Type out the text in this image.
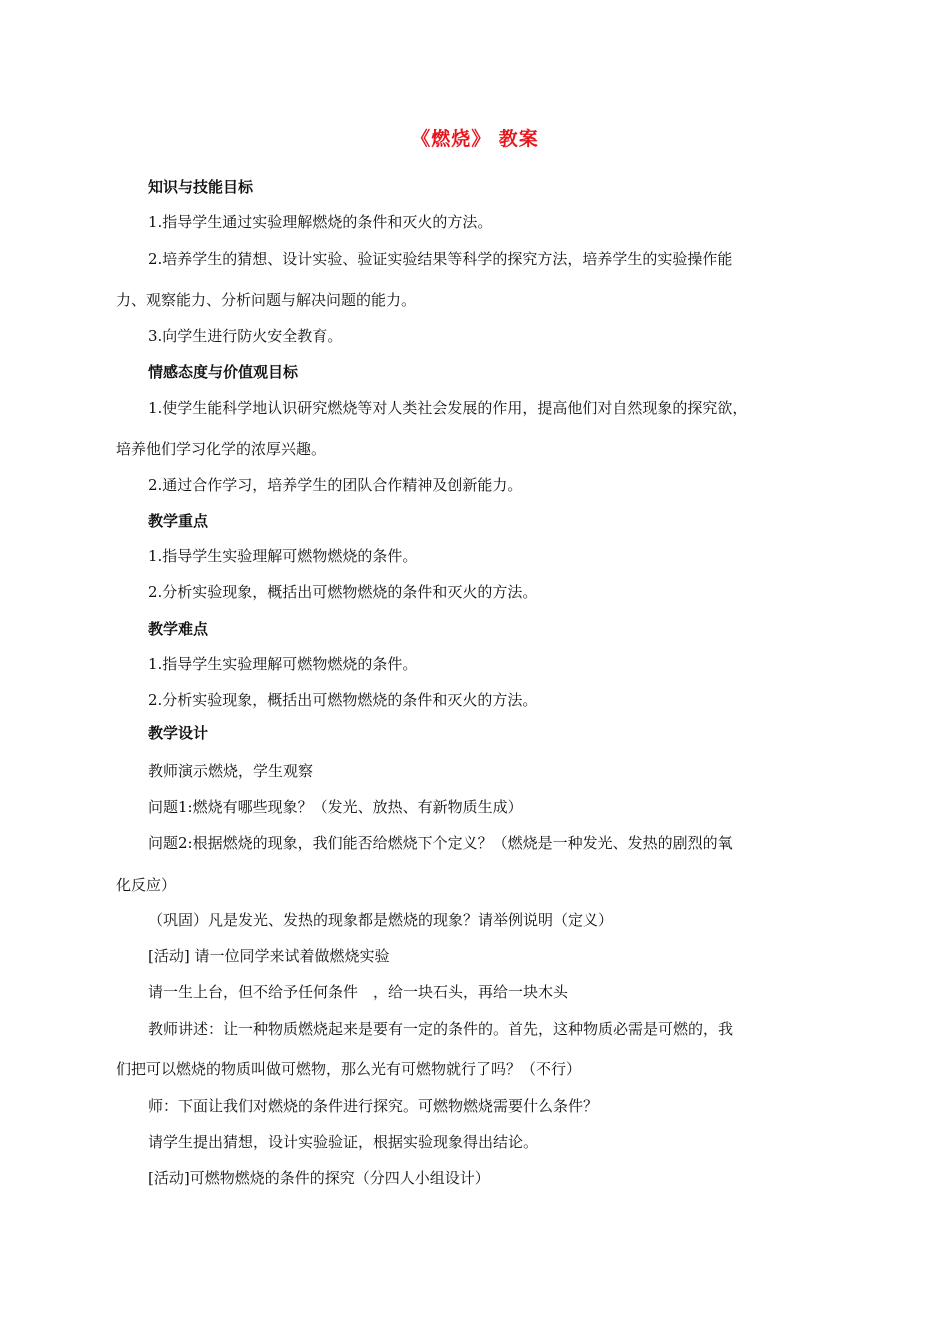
《燃烧》 教案
知识与技能目标
1.指导学生通过实验理解燃烧的条件和灭火的方法。
2.培养学生的猜想、设计实验、验证实验结果等科学的探究方法，培养学生的实验操作能
力、观察能力、分析问题与解决问题的能力。
3.向学生进行防火安全教育。
情感态度与价值观目标
1.使学生能科学地认识研究燃烧等对人类社会发展的作用，提高他们对自然现象的探究欲，
培养他们学习化学的浓厚兴趣。
2.通过合作学习，培养学生的团队合作精神及创新能力。
教学重点
1.指导学生实验理解可燃物燃烧的条件。
2.分析实验现象，概括出可燃物燃烧的条件和灭火的方法。
教学难点
1.指导学生实验理解可燃物燃烧的条件。
2.分析实验现象，概括出可燃物燃烧的条件和灭火的方法。
教学设计
教师演示燃烧，学生观察
问题1:燃烧有哪些现象？（发光、放热、有新物质生成）
问题2:根据燃烧的现象，我们能否给燃烧下个定义？（燃烧是一种发光、发热的剧烈的氧
化反应）
（巩固）凡是发光、发热的现象都是燃烧的现象？请举例说明（定义）
[活动] 请一位同学来试着做燃烧实验
请一生上台，但不给予任何条件　，给一块石头，再给一块木头
教师讲述：让一种物质燃烧起来是要有一定的条件的。首先，这种物质必需是可燃的，我
们把可以燃烧的物质叫做可燃物，那么光有可燃物就行了吗？（不行）
师：下面让我们对燃烧的条件进行探究。可燃物燃烧需要什么条件？
请学生提出猜想，设计实验验证，根据实验现象得出结论。
[活动]可燃物燃烧的条件的探究（分四人小组设计）
